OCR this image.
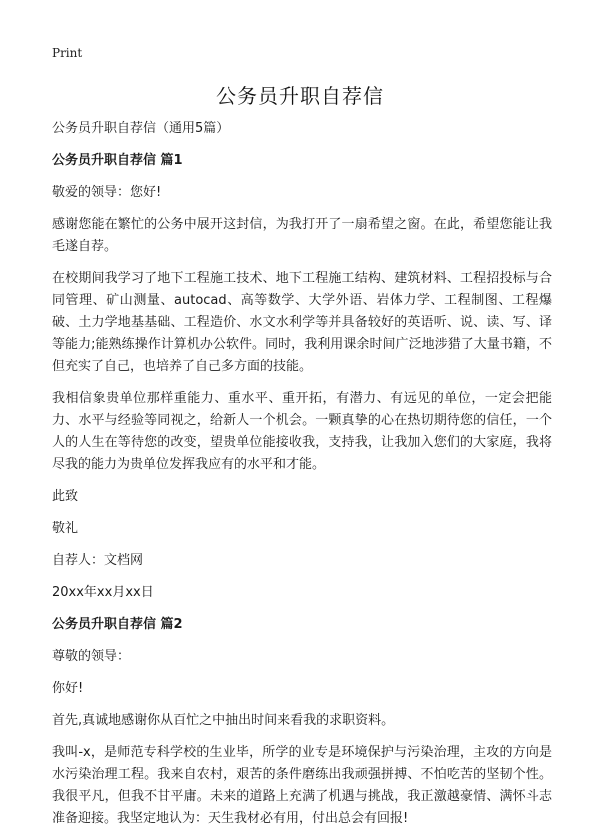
Print
公务员升职自荐信
公务员升职自荐信（通用5篇）
公务员升职自荐信 篇1
敬爱的领导：您好!
感谢您能在繁忙的公务中展开这封信，为我打开了一扇希望之窗。在此，希望您能让我毛遂自荐。
在校期间我学习了地下工程施工技术、地下工程施工结构、建筑材料、工程招投标与合同管理、矿山测量、autocad、高等数学、大学外语、岩体力学、工程制图、工程爆破、土力学地基基础、工程造价、水文水利学等并具备较好的英语听、说、读、写、译等能力;能熟练操作计算机办公软件。同时，我利用课余时间广泛地涉猎了大量书籍，不但充实了自己，也培养了自己多方面的技能。
我相信象贵单位那样重能力、重水平、重开拓，有潜力、有远见的单位，一定会把能力、水平与经验等同视之，给新人一个机会。一颗真挚的心在热切期待您的信任，一个人的人生在等待您的改变，望贵单位能接收我，支持我，让我加入您们的大家庭，我将尽我的能力为贵单位发挥我应有的水平和才能。
此致
敬礼
自荐人：文档网
20xx年xx月xx日
公务员升职自荐信 篇2
尊敬的领导：
你好!
首先,真诚地感谢你从百忙之中抽出时间来看我的求职资料。
我叫-x，是师范专科学校的生业毕，所学的业专是环境保护与污染治理，主攻的方向是水污染治理工程。我来自农村，艰苦的条件磨练出我顽强拼搏、不怕吃苦的坚韧个性。我很平凡，但我不甘平庸。未来的道路上充满了机遇与挑战，我正激越豪情、满怀斗志准备迎接。我坚定地认为：天生我材必有用，付出总会有回报!
